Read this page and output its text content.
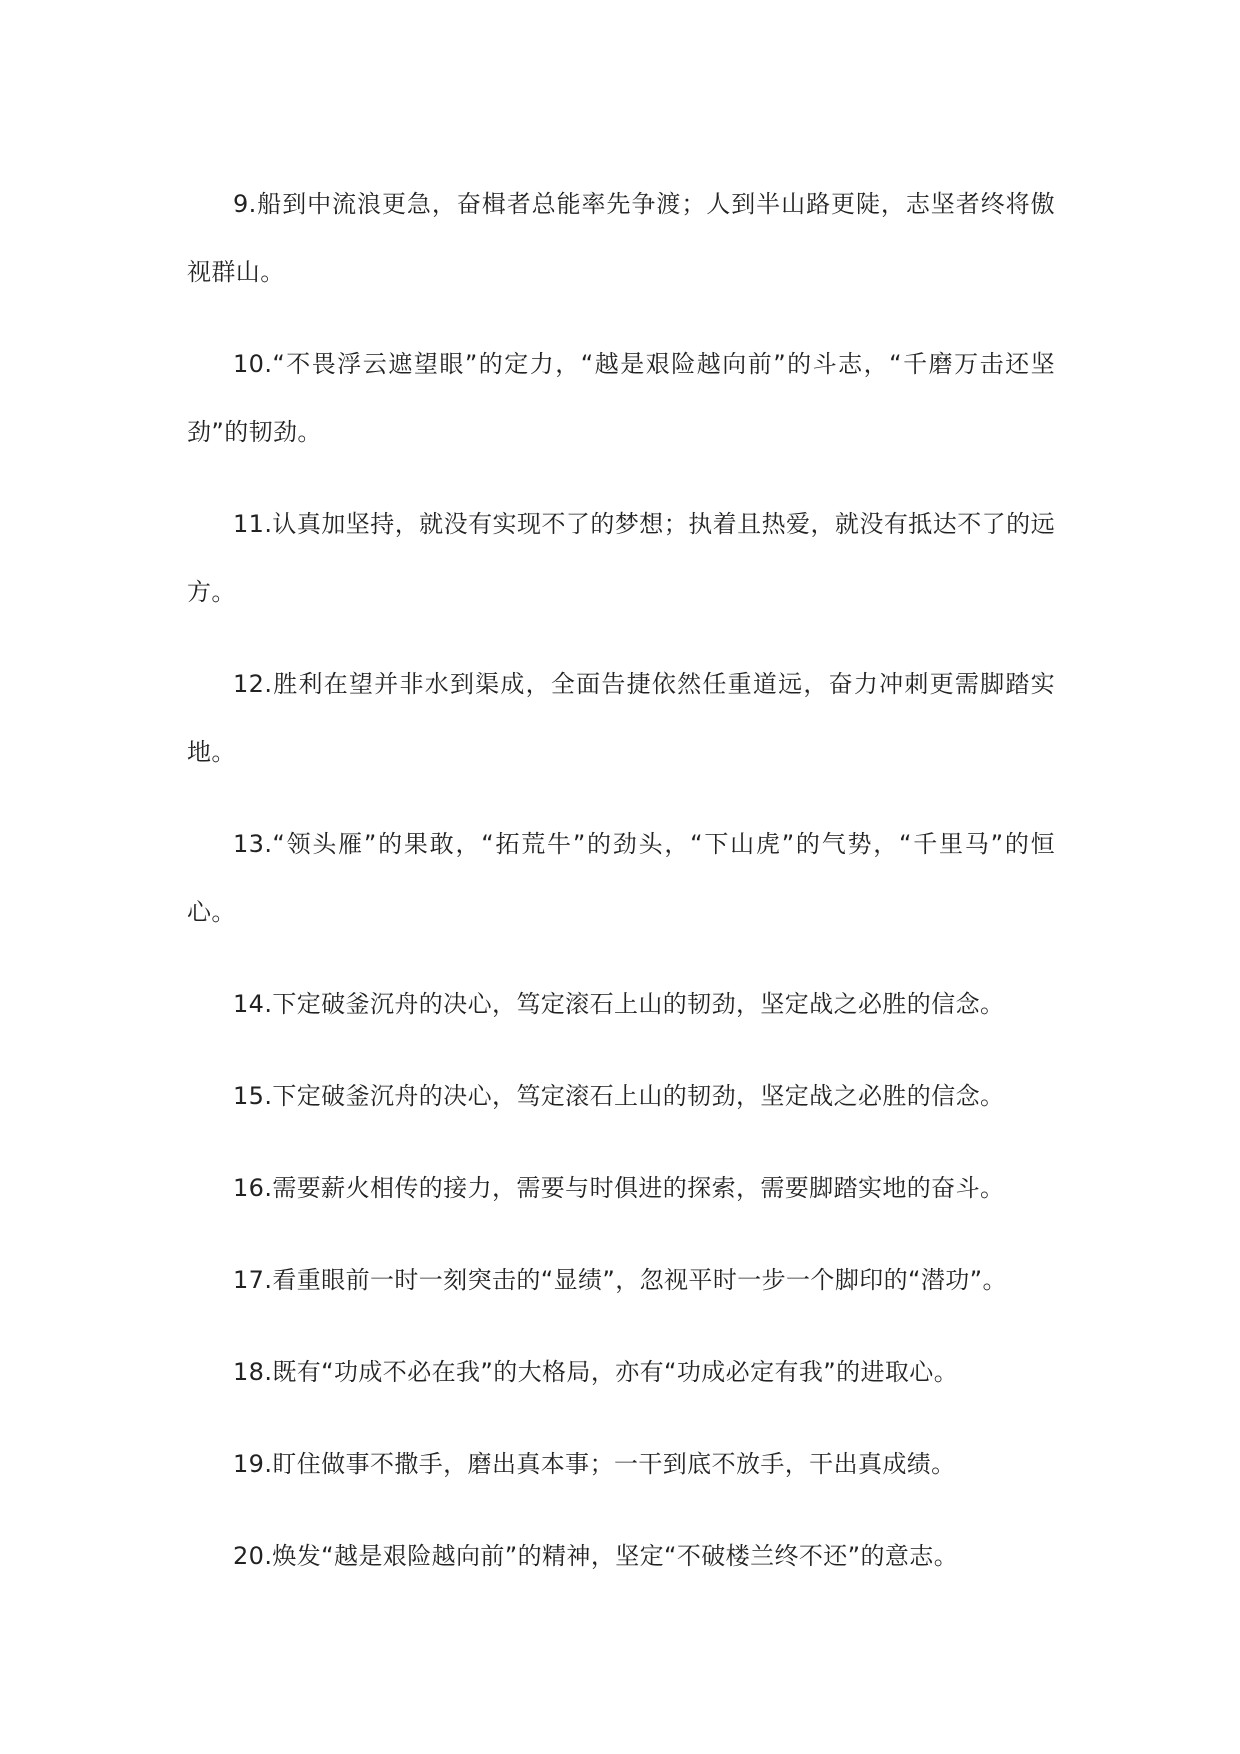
9.船到中流浪更急，奋楫者总能率先争渡；人到半山路更陡，志坚者终将傲视群山。

10.“不畏浮云遮望眼”的定力，“越是艰险越向前”的斗志，“千磨万击还坚劲”的韧劲。

11.认真加坚持，就没有实现不了的梦想；执着且热爱，就没有抵达不了的远方。

12.胜利在望并非水到渠成，全面告捷依然任重道远，奋力冲刺更需脚踏实地。

13.“领头雁”的果敢，“拓荒牛”的劲头，“下山虎”的气势，“千里马”的恒心。

14.下定破釜沉舟的决心，笃定滚石上山的韧劲，坚定战之必胜的信念。

15.下定破釜沉舟的决心，笃定滚石上山的韧劲，坚定战之必胜的信念。

16.需要薪火相传的接力，需要与时俱进的探索，需要脚踏实地的奋斗。

17.看重眼前一时一刻突击的“显绩”，忽视平时一步一个脚印的“潜功”。

18.既有“功成不必在我”的大格局，亦有“功成必定有我”的进取心。

19.盯住做事不撒手，磨出真本事；一干到底不放手，干出真成绩。

20.焕发“越是艰险越向前”的精神，坚定“不破楼兰终不还”的意志。
